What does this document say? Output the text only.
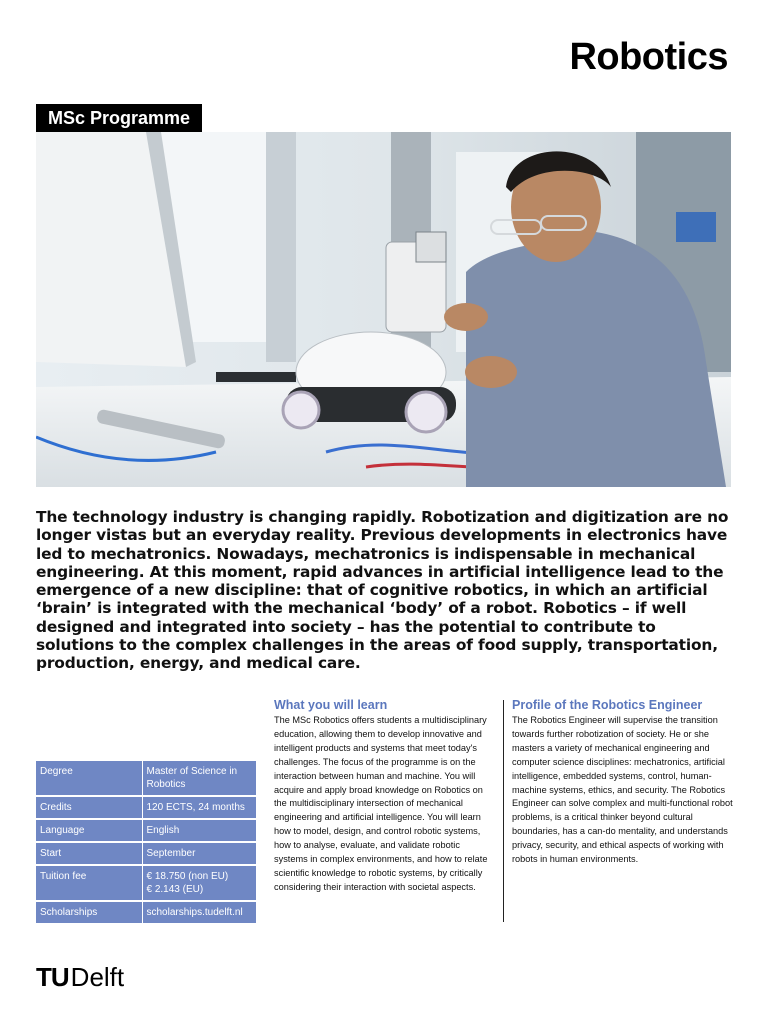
Robotics
MSc Programme
The technology industry is changing rapidly. Robotization and digitization are no longer vistas but an everyday reality. Previous developments in electronics have led to mechatronics. Nowadays, mechatronics is indispensable in mechanical engineering. At this moment, rapid advances in artificial intelligence lead to the emergence of a new discipline: that of cognitive robotics, in which an artificial ‘brain’ is integrated with the mechanical ‘body’ of a robot. Robotics – if well designed and integrated into society – has the potential to contribute to solutions to the complex challenges in the areas of food supply, transportation, production, energy, and medical care.
Degree	Master of Science in Robotics
Credits	120 ECTS, 24 months
Language	English
Start	September
Tuition fee	€ 18.750 (non EU)
€ 2.143 (EU)
Scholarships	scholarships.tudelft.nl
What you will learn

The MSc Robotics offers students a multidisciplinary education, allowing them to develop innovative and intelligent products and systems that meet today's challenges. The focus of the programme is on the interaction between human and machine. You will acquire and apply broad knowledge on Robotics on the multidisciplinary intersection of mechanical engineering and artificial intelligence. You will learn how to model, design, and control robotic systems, how to analyse, evaluate, and validate robotic systems in complex environments, and how to relate scientific knowledge to robotic systems, by critically considering their interaction with societal aspects.

Profile of the Robotics Engineer

The Robotics Engineer will supervise the transition towards further robotization of society. He or she masters a variety of mechanical engineering and computer science disciplines: mechatronics, artificial intelligence, embedded systems, control, human-machine systems, ethics, and security. The Robotics Engineer can solve complex and multi-functional robot problems, is a critical thinker beyond cultural boundaries, has a can-do mentality, and understands privacy, security, and ethical aspects of working with robots in human environments.

TU Delft
